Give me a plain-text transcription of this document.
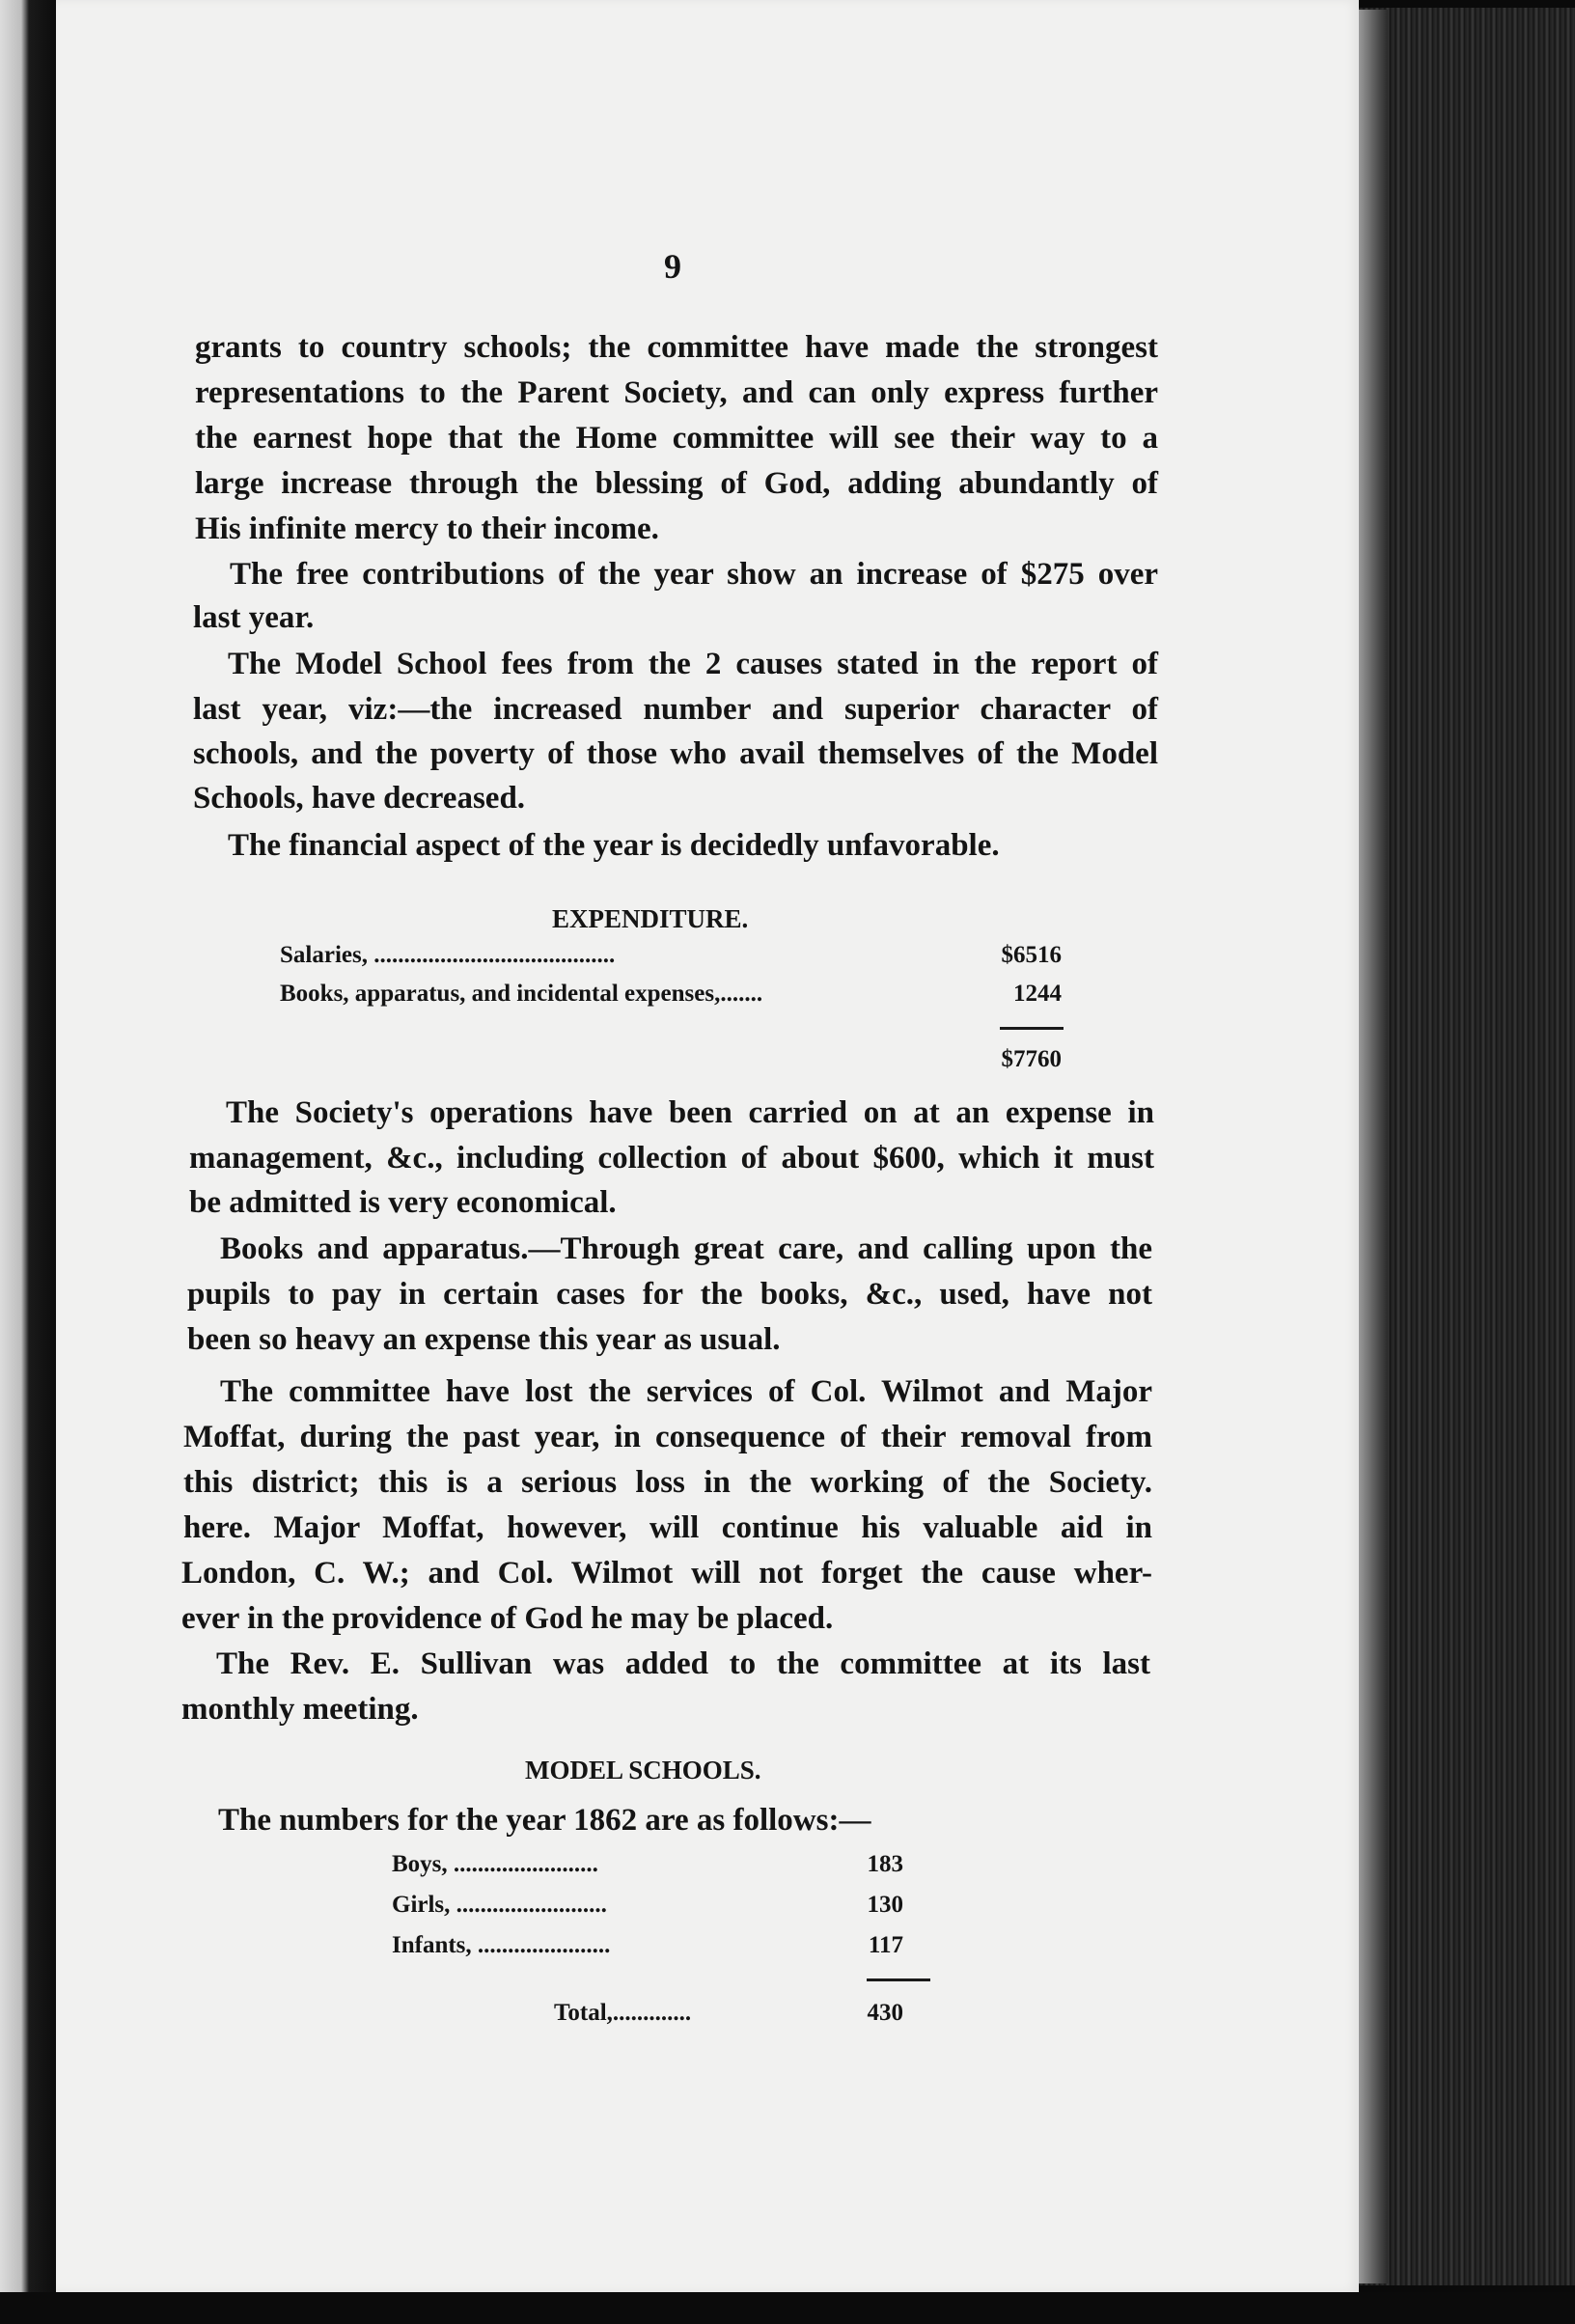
9
grants to country schools; the committee have made the strongest
representations to the Parent Society, and can only express further
the earnest hope that the Home committee will see their way to a
large increase through the blessing of God, adding abundantly of
His infinite mercy to their income.
The free contributions of the year show an increase of $275 over
last year.
The Model School fees from the 2 causes stated in the report of
last year, viz:—the increased number and superior character of
schools, and the poverty of those who avail themselves of the Model
Schools, have decreased.
The financial aspect of the year is decidedly unfavorable.
EXPENDITURE.
Salaries, ........................................	$6516
Books, apparatus, and incidental expenses,.......	1244
$7760
The Society's operations have been carried on at an expense in
management, &c., including collection of about $600, which it must
be admitted is very economical.
Books and apparatus.—Through great care, and calling upon the
pupils to pay in certain cases for the books, &c., used, have not
been so heavy an expense this year as usual.
The committee have lost the services of Col. Wilmot and Major
Moffat, during the past year, in consequence of their removal from
this district; this is a serious loss in the working of the Society.
here. Major Moffat, however, will continue his valuable aid in
London, C. W.; and Col. Wilmot will not forget the cause wher-
ever in the providence of God he may be placed.
The Rev. E. Sullivan was added to the committee at its last
monthly meeting.
MODEL SCHOOLS.
The numbers for the year 1862 are as follows:—
Boys, ........................	183
Girls, .........................	130
Infants, ......................	117
Total,.............	430
